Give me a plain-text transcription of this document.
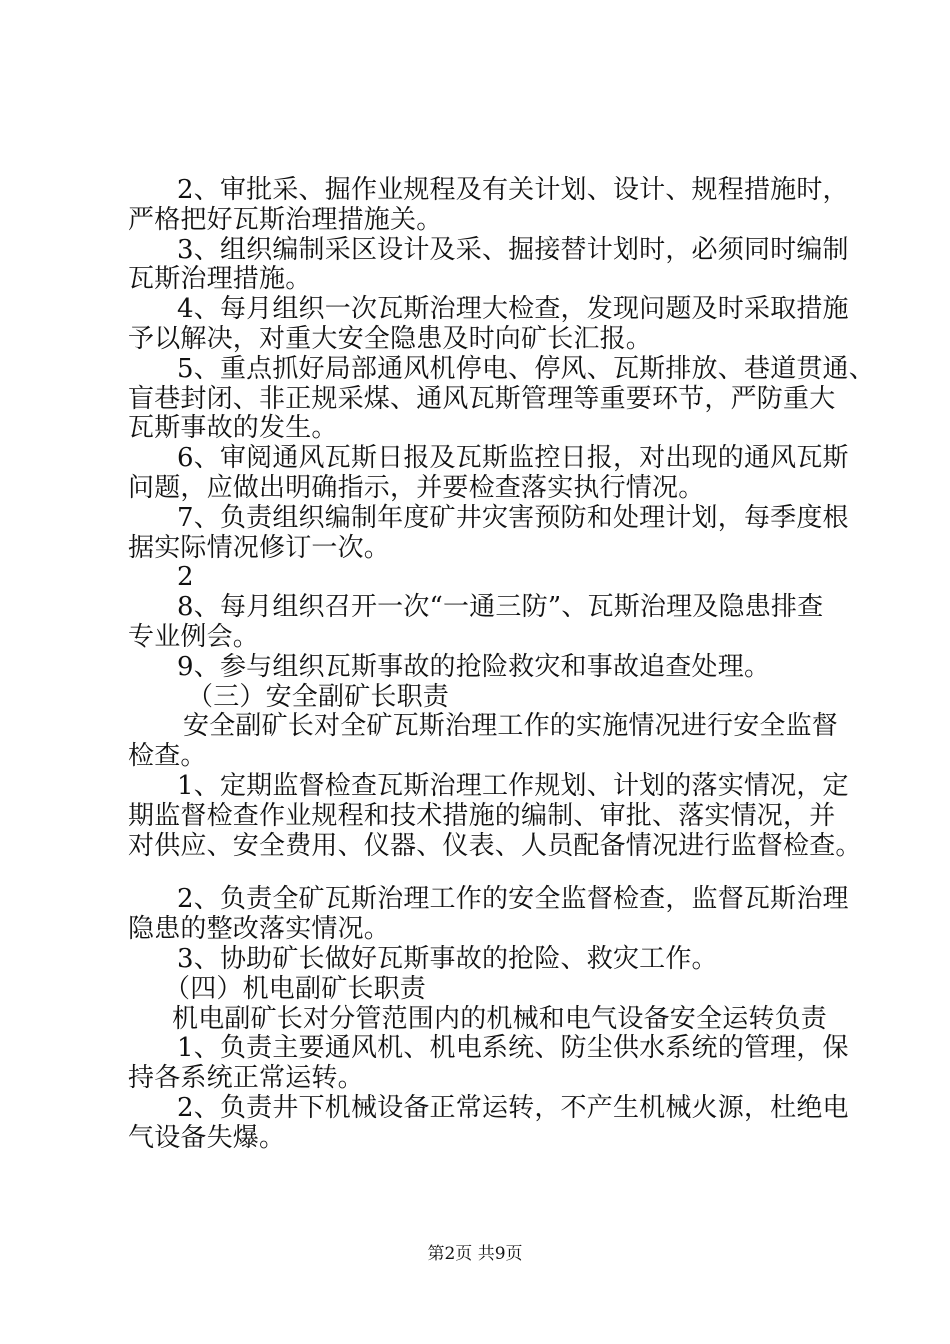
2、审批采、掘作业规程及有关计划、设计、规程措施时，
严格把好瓦斯治理措施关。
3、组织编制采区设计及采、掘接替计划时，必须同时编制
瓦斯治理措施。
4、每月组织一次瓦斯治理大检查，发现问题及时采取措施
予以解决，对重大安全隐患及时向矿长汇报。
5、重点抓好局部通风机停电、停风、瓦斯排放、巷道贯通、
盲巷封闭、非正规采煤、通风瓦斯管理等重要环节，严防重大
瓦斯事故的发生。
6、审阅通风瓦斯日报及瓦斯监控日报，对出现的通风瓦斯
问题，应做出明确指示，并要检查落实执行情况。
7、负责组织编制年度矿井灾害预防和处理计划，每季度根
据实际情况修订一次。
2
8、每月组织召开一次“一通三防”、瓦斯治理及隐患排查
专业例会。
9、参与组织瓦斯事故的抢险救灾和事故追查处理。
（三）安全副矿长职责
安全副矿长对全矿瓦斯治理工作的实施情况进行安全监督
检查。
1、定期监督检查瓦斯治理工作规划、计划的落实情况，定
期监督检查作业规程和技术措施的编制、审批、落实情况，并
对供应、安全费用、仪器、仪表、人员配备情况进行监督检查。
2、负责全矿瓦斯治理工作的安全监督检查，监督瓦斯治理
隐患的整改落实情况。
3、协助矿长做好瓦斯事故的抢险、救灾工作。
（四）机电副矿长职责
机电副矿长对分管范围内的机械和电气设备安全运转负责
1、负责主要通风机、机电系统、防尘供水系统的管理，保
持各系统正常运转。
2、负责井下机械设备正常运转，不产生机械火源，杜绝电
气设备失爆。
第2页 共9页
